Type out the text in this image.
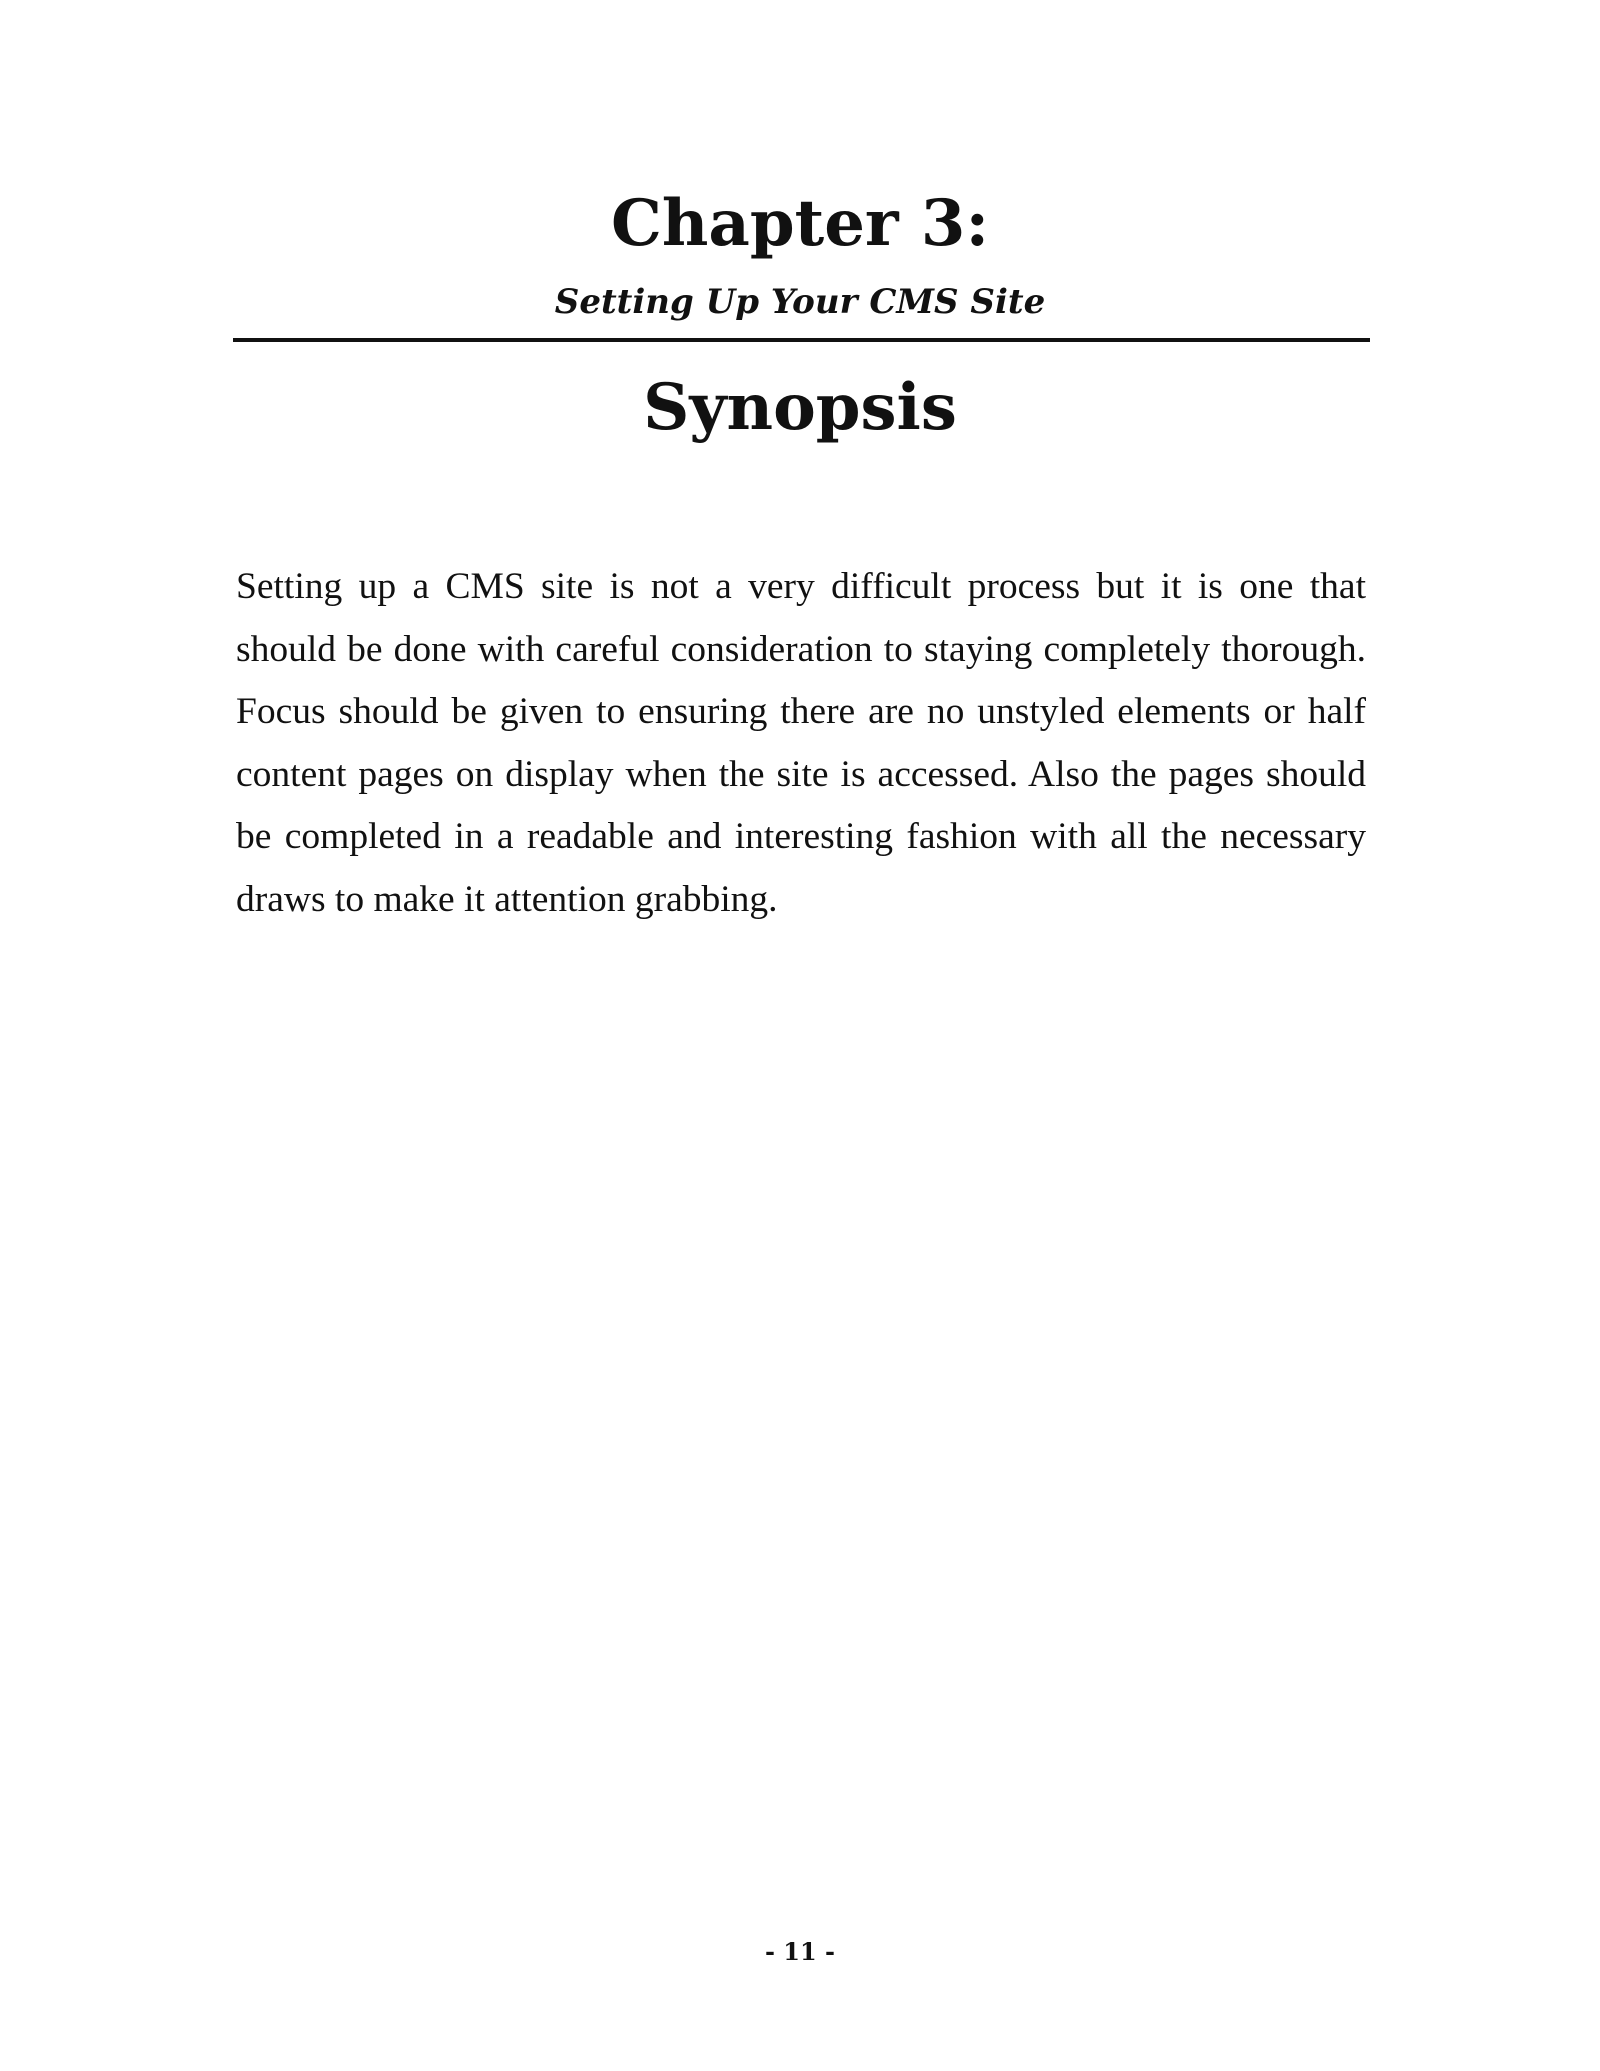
Chapter 3:
Setting Up Your CMS Site
Synopsis

Setting up a CMS site is not a very difficult process but it is one that should be done with careful consideration to staying completely thorough. Focus should be given to ensuring there are no unstyled elements or half content pages on display when the site is accessed. Also the pages should be completed in a readable and interesting fashion with all the necessary draws to make it attention grabbing.

- 11 -
